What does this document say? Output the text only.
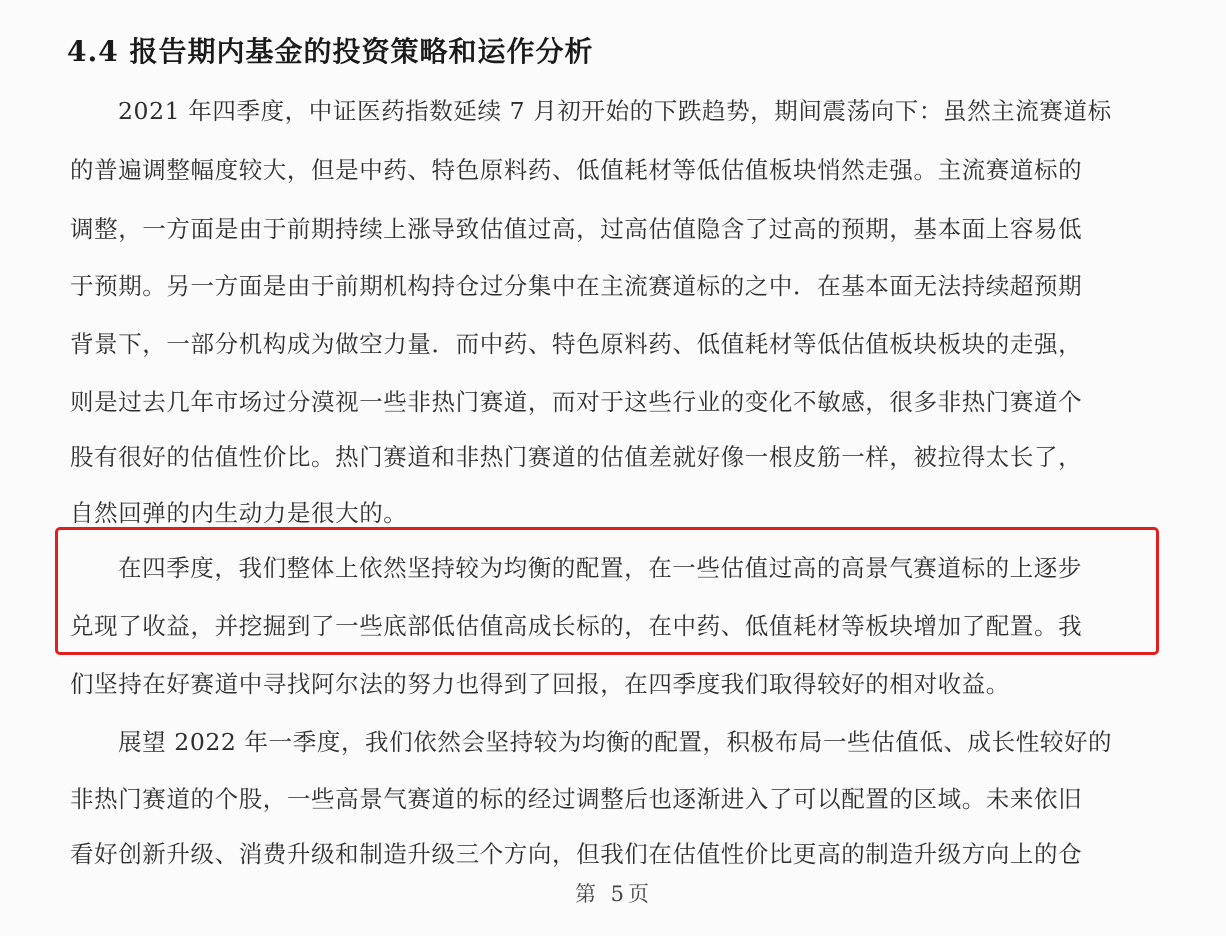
4.4 报告期内基金的投资策略和运作分析
2021 年四季度，中证医药指数延续 7 月初开始的下跌趋势，期间震荡向下：虽然主流赛道标
的普遍调整幅度较大，但是中药、特色原料药、低值耗材等低估值板块悄然走强。主流赛道标的
调整，一方面是由于前期持续上涨导致估值过高，过高估值隐含了过高的预期，基本面上容易低
于预期。另一方面是由于前期机构持仓过分集中在主流赛道标的之中．在基本面无法持续超预期
背景下，一部分机构成为做空力量．而中药、特色原料药、低值耗材等低估值板块板块的走强，
则是过去几年市场过分漠视一些非热门赛道，而对于这些行业的变化不敏感，很多非热门赛道个
股有很好的估值性价比。热门赛道和非热门赛道的估值差就好像一根皮筋一样，被拉得太长了，
自然回弹的内生动力是很大的。
在四季度，我们整体上依然坚持较为均衡的配置，在一些估值过高的高景气赛道标的上逐步
兑现了收益，并挖掘到了一些底部低估值高成长标的，在中药、低值耗材等板块增加了配置。我
们坚持在好赛道中寻找阿尔法的努力也得到了回报，在四季度我们取得较好的相对收益。
展望 2022 年一季度，我们依然会坚持较为均衡的配置，积极布局一些估值低、成长性较好的
非热门赛道的个股，一些高景气赛道的标的经过调整后也逐渐进入了可以配置的区域。未来依旧
看好创新升级、消费升级和制造升级三个方向，但我们在估值性价比更高的制造升级方向上的仓
第 5页
